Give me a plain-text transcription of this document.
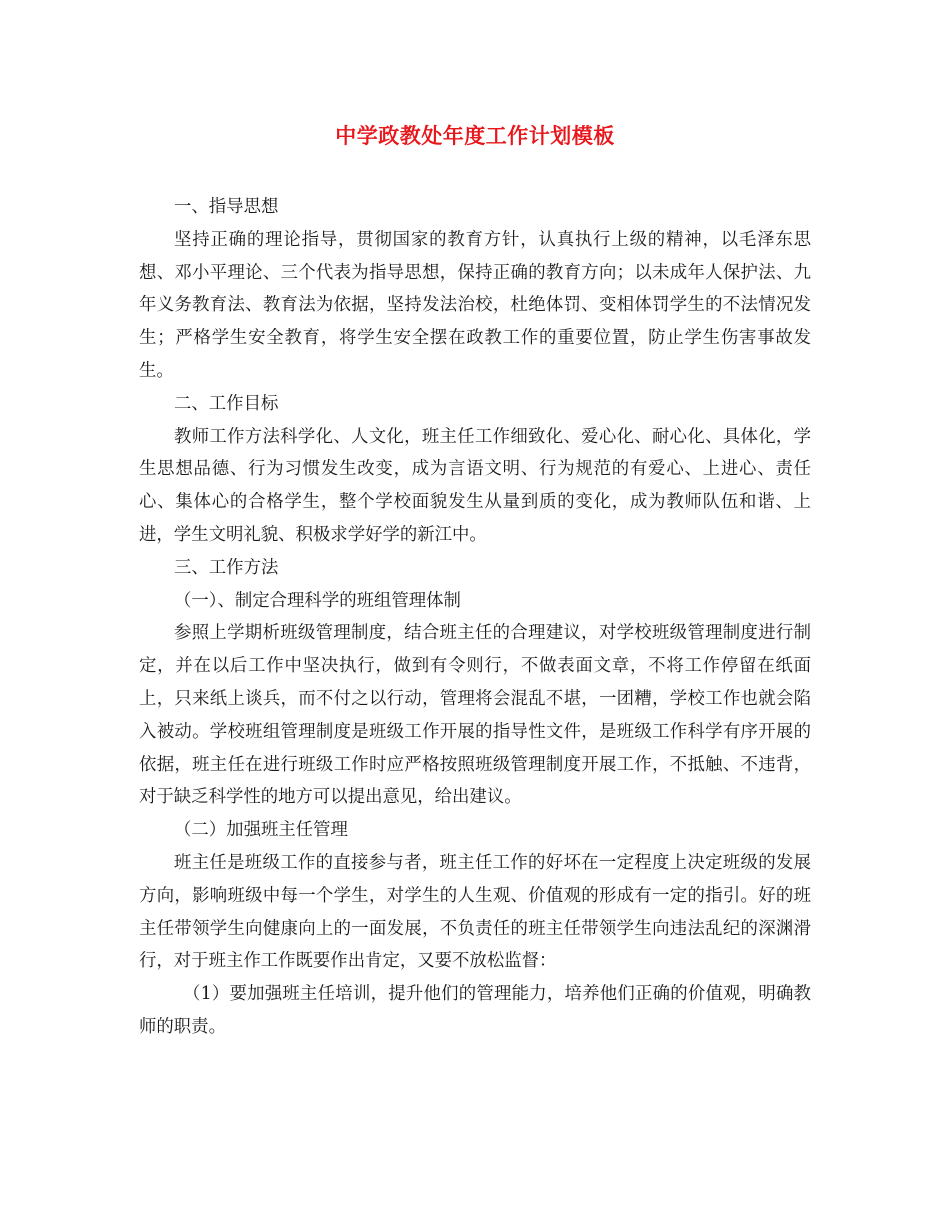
中学政教处年度工作计划模板

一、指导思想

坚持正确的理论指导，贯彻国家的教育方针，认真执行上级的精神，以毛泽东思想、邓小平理论、三个代表为指导思想，保持正确的教育方向；以未成年人保护法、九年义务教育法、教育法为依据，坚持发法治校，杜绝体罚、变相体罚学生的不法情况发生；严格学生安全教育，将学生安全摆在政教工作的重要位置，防止学生伤害事故发生。

二、工作目标

教师工作方法科学化、人文化，班主任工作细致化、爱心化、耐心化、具体化，学生思想品德、行为习惯发生改变，成为言语文明、行为规范的有爱心、上进心、责任心、集体心的合格学生，整个学校面貌发生从量到质的变化，成为教师队伍和谐、上进，学生文明礼貌、积极求学好学的新江中。

三、工作方法

（一）、制定合理科学的班组管理体制

参照上学期析班级管理制度，结合班主任的合理建议，对学校班级管理制度进行制定，并在以后工作中坚决执行，做到有令则行，不做表面文章，不将工作停留在纸面上，只来纸上谈兵，而不付之以行动，管理将会混乱不堪，一团糟，学校工作也就会陷入被动。学校班组管理制度是班级工作开展的指导性文件，是班级工作科学有序开展的依据，班主任在进行班级工作时应严格按照班级管理制度开展工作，不抵触、不违背，对于缺乏科学性的地方可以提出意见，给出建议。

（二）加强班主任管理

班主任是班级工作的直接参与者，班主任工作的好坏在一定程度上决定班级的发展方向，影响班级中每一个学生，对学生的人生观、价值观的形成有一定的指引。好的班主任带领学生向健康向上的一面发展，不负责任的班主任带领学生向违法乱纪的深渊滑行，对于班主作工作既要作出肯定，又要不放松监督：

（1）要加强班主任培训，提升他们的管理能力，培养他们正确的价值观，明确教师的职责。
